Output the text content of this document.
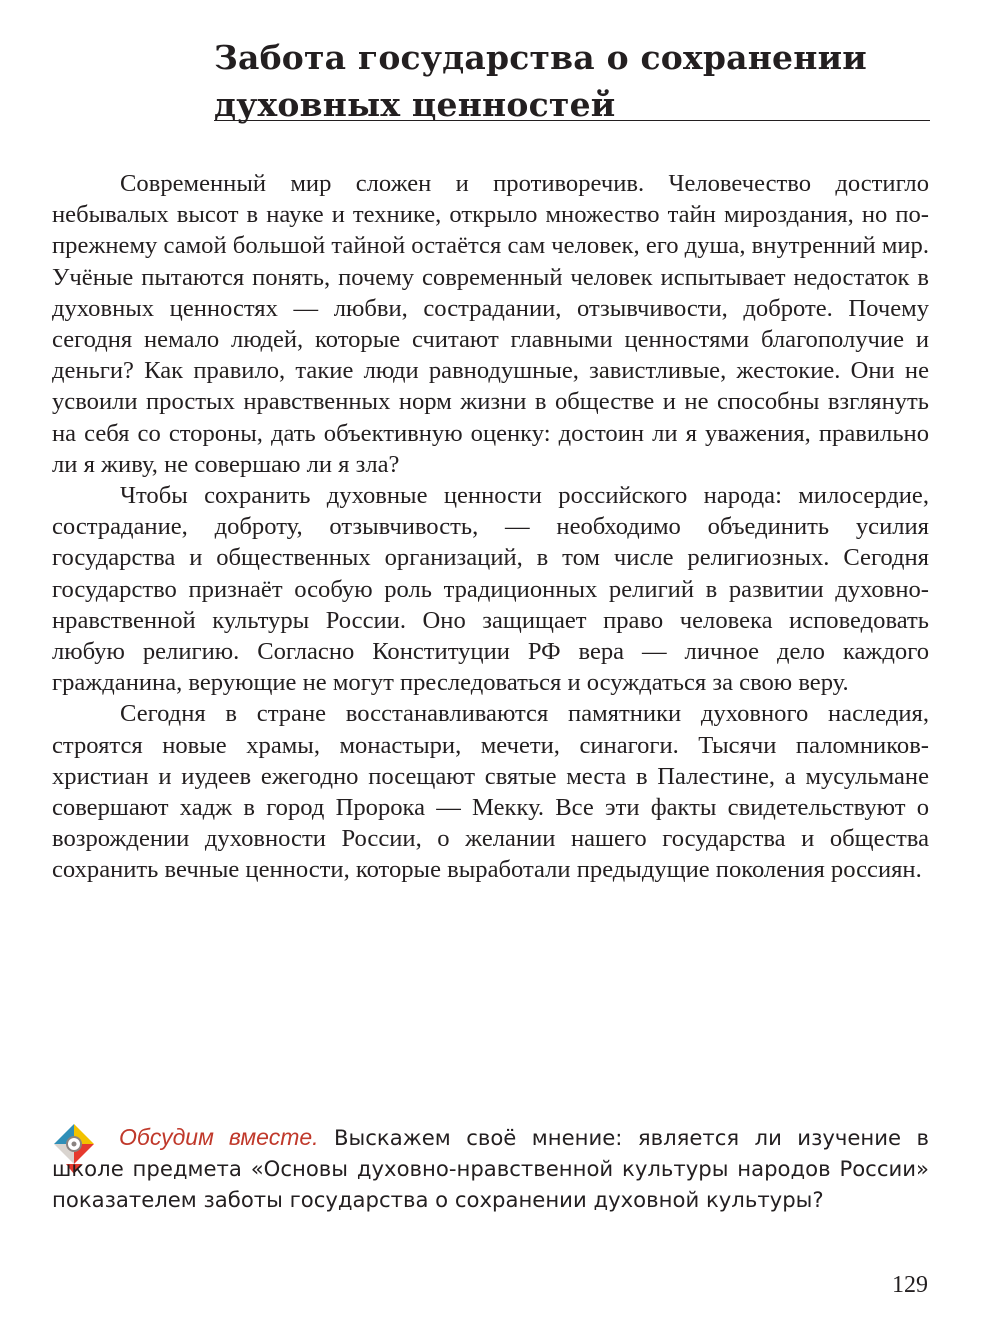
Забота государства о сохранении духовных ценностей

Современный мир сложен и противоречив. Человечество достигло небывалых высот в науке и технике, открыло множество тайн мироздания, но по-прежнему самой большой тайной остаётся сам человек, его душа, внутренний мир. Учёные пытаются понять, почему современный человек испытывает недостаток в духовных ценностях — любви, сострадании, отзывчивости, доброте. Почему сегодня немало людей, которые считают главными ценностями благополучие и деньги? Как правило, такие люди равнодушные, завистливые, жестокие. Они не усвоили простых нравственных норм жизни в обществе и не способны взглянуть на себя со стороны, дать объективную оценку: достоин ли я уважения, правильно ли я живу, не совершаю ли я зла?

Чтобы сохранить духовные ценности российского народа: милосердие, сострадание, доброту, отзывчивость, — необходимо объединить усилия государства и общественных организаций, в том числе религиозных. Сегодня государство признаёт особую роль традиционных религий в развитии духовно-нравственной культуры России. Оно защищает право человека исповедовать любую религию. Согласно Конституции РФ вера — личное дело каждого гражданина, верующие не могут преследоваться и осуждаться за свою веру.

Сегодня в стране восстанавливаются памятники духовного наследия, строятся новые храмы, монастыри, мечети, синагоги. Тысячи паломников-христиан и иудеев ежегодно посещают святые места в Палестине, а мусульмане совершают хадж в город Пророка — Мекку. Все эти факты свидетельствуют о возрождении духовности России, о желании нашего государства и общества сохранить вечные ценности, которые выработали предыдущие поколения россиян.

Обсудим вместе. Выскажем своё мнение: является ли изучение в школе предмета «Основы духовно-нравственной культуры народов России» показателем заботы государства о сохранении духовной культуры?
129
